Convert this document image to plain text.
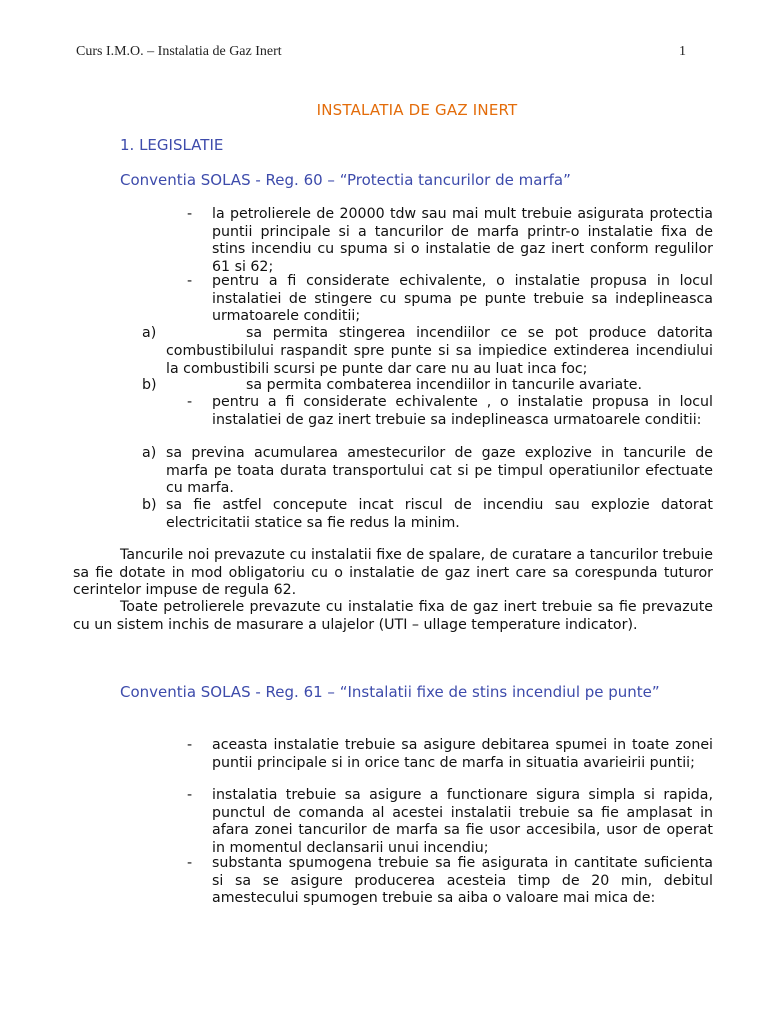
Curs I.M.O. – Instalatia de Gaz Inert	1
INSTALATIA DE GAZ INERT
1. LEGISLATIE
Conventia SOLAS - Reg. 60 – “Protectia tancurilor de marfa”
- la petrolierele de 20000 tdw sau mai mult trebuie asigurata protectia puntii principale si a tancurilor de marfa printr-o instalatie fixa de stins incendiu cu spuma si o instalatie de gaz inert conform regulilor 61 si 62;
- pentru a fi considerate echivalente, o instalatie propusa in locul instalatiei de stingere cu spuma pe punte trebuie sa indeplineasca urmatoarele conditii;
a)	sa permita stingerea incendiilor ce se pot produce datorita
combustibilului raspandit spre punte si sa impiedice extinderea incendiului la combustibili scursi pe punte dar care nu au luat inca foc;
b)	sa permita combaterea incendiilor in tancurile avariate.
- pentru a fi considerate echivalente , o instalatie propusa in locul instalatiei de gaz inert trebuie sa indeplineasca urmatoarele conditii:
a) sa previna acumularea amestecurilor de gaze explozive in tancurile de marfa pe toata durata transportului cat si pe timpul operatiunilor efectuate cu marfa.
b) sa fie astfel concepute incat riscul de incendiu sau explozie datorat electricitatii statice sa fie redus la minim.
Tancurile noi prevazute cu instalatii fixe de spalare, de curatare a tancurilor trebuie sa fie dotate in mod obligatoriu cu o instalatie de gaz inert care sa corespunda tuturor cerintelor impuse de regula 62.
Toate petrolierele prevazute cu instalatie fixa de gaz inert trebuie sa fie prevazute cu un sistem inchis de masurare a ulajelor (UTI – ullage temperature indicator).
Conventia SOLAS - Reg. 61 – “Instalatii fixe de stins incendiul pe punte”
- aceasta instalatie trebuie sa asigure debitarea spumei in toate zonei puntii principale si in orice tanc de marfa in situatia avarieirii puntii;
- instalatia trebuie sa asigure a functionare sigura simpla si rapida, punctul de comanda al acestei instalatii trebuie sa fie amplasat in afara zonei tancurilor de marfa sa fie usor accesibila, usor de operat in momentul declansarii unui incendiu;
- substanta spumogena trebuie sa fie asigurata in cantitate suficienta si sa se asigure producerea acesteia timp de 20 min, debitul amestecului spumogen trebuie sa aiba o valoare mai mica de:
